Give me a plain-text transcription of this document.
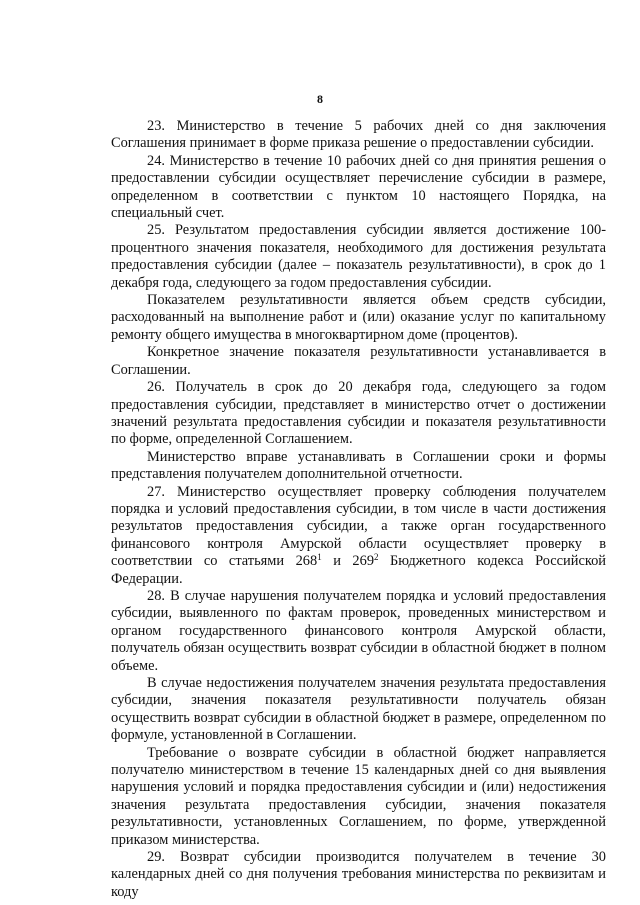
8

23. Министерство в течение 5 рабочих дней со дня заключения Соглашения принимает в форме приказа решение о предоставлении субсидии.

24. Министерство в течение 10 рабочих дней со дня принятия решения о предоставлении субсидии осуществляет перечисление субсидии в размере, определенном в соответствии с пунктом 10 настоящего Порядка, на специальный счет.

25. Результатом предоставления субсидии является достижение 100-процентного значения показателя, необходимого для достижения результата предоставления субсидии (далее – показатель результативности), в срок до 1 декабря года, следующего за годом предоставления субсидии.

Показателем результативности является объем средств субсидии, расходованный на выполнение работ и (или) оказание услуг по капитальному ремонту общего имущества в многоквартирном доме (процентов).

Конкретное значение показателя результативности устанавливается в Соглашении.

26. Получатель в срок до 20 декабря года, следующего за годом предоставления субсидии, представляет в министерство отчет о достижении значений результата предоставления субсидии и показателя результативности по форме, определенной Соглашением.

Министерство вправе устанавливать в Соглашении сроки и формы представления получателем дополнительной отчетности.

27. Министерство осуществляет проверку соблюдения получателем порядка и условий предоставления субсидии, в том числе в части достижения результатов предоставления субсидии, а также орган государственного финансового контроля Амурской области осуществляет проверку в соответствии со статьями $268^1$ и $269^2$ Бюджетного кодекса Российской Федерации.

28. В случае нарушения получателем порядка и условий предоставления субсидии, выявленного по фактам проверок, проведенных министерством и органом государственного финансового контроля Амурской области, получатель обязан осуществить возврат субсидии в областной бюджет в полном объеме.

В случае недостижения получателем значения результата предоставления субсидии, значения показателя результативности получатель обязан осуществить возврат субсидии в областной бюджет в размере, определенном по формуле, установленной в Соглашении.

Требование о возврате субсидии в областной бюджет направляется получателю министерством в течение 15 календарных дней со дня выявления нарушения условий и порядка предоставления субсидии и (или) недостижения значения результата предоставления субсидии, значения показателя результативности, установленных Соглашением, по форме, утвержденной приказом министерства.

29. Возврат субсидии производится получателем в течение 30 календарных дней со дня получения требования министерства по реквизитам и коду
